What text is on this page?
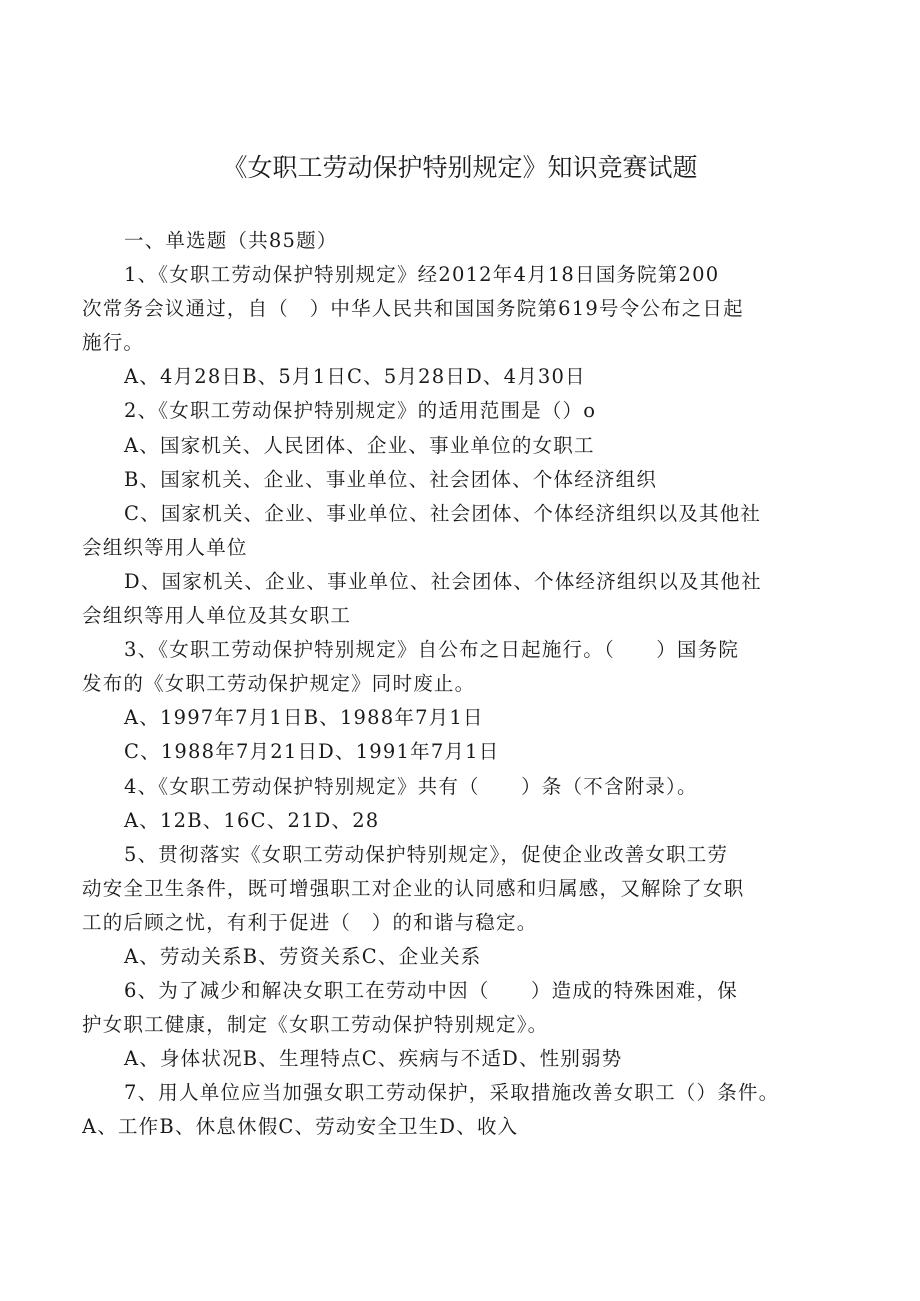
《女职工劳动保护特别规定》知识竞赛试题
一、单选题（共85题）
1、《女职工劳动保护特别规定》经2012年4月18日国务院第200
次常务会议通过，自（　）中华人民共和国国务院第619号令公布之日起
施行。
A、4月28日B、5月1日C、5月28日D、4月30日
2、《女职工劳动保护特别规定》的适用范围是（）o
A、国家机关、人民团体、企业、事业单位的女职工
B、国家机关、企业、事业单位、社会团体、个体经济组织
C、国家机关、企业、事业单位、社会团体、个体经济组织以及其他社
会组织等用人单位
D、国家机关、企业、事业单位、社会团体、个体经济组织以及其他社
会组织等用人单位及其女职工
3、《女职工劳动保护特别规定》自公布之日起施行。（　　）国务院
发布的《女职工劳动保护规定》同时废止。
A、1997年7月1日B、1988年7月1日
C、1988年7月21日D、1991年7月1日
4、《女职工劳动保护特别规定》共有（　　）条（不含附录）。
A、12B、16C、21D、28
5、贯彻落实《女职工劳动保护特别规定》，促使企业改善女职工劳
动安全卫生条件，既可增强职工对企业的认同感和归属感，又解除了女职
工的后顾之忧，有利于促进（　）的和谐与稳定。
A、劳动关系B、劳资关系C、企业关系
6、为了减少和解决女职工在劳动中因（　　）造成的特殊困难，保
护女职工健康，制定《女职工劳动保护特别规定》。
A、身体状况B、生理特点C、疾病与不适D、性别弱势
7、用人单位应当加强女职工劳动保护，采取措施改善女职工（）条件。
A、工作B、休息休假C、劳动安全卫生D、收入
